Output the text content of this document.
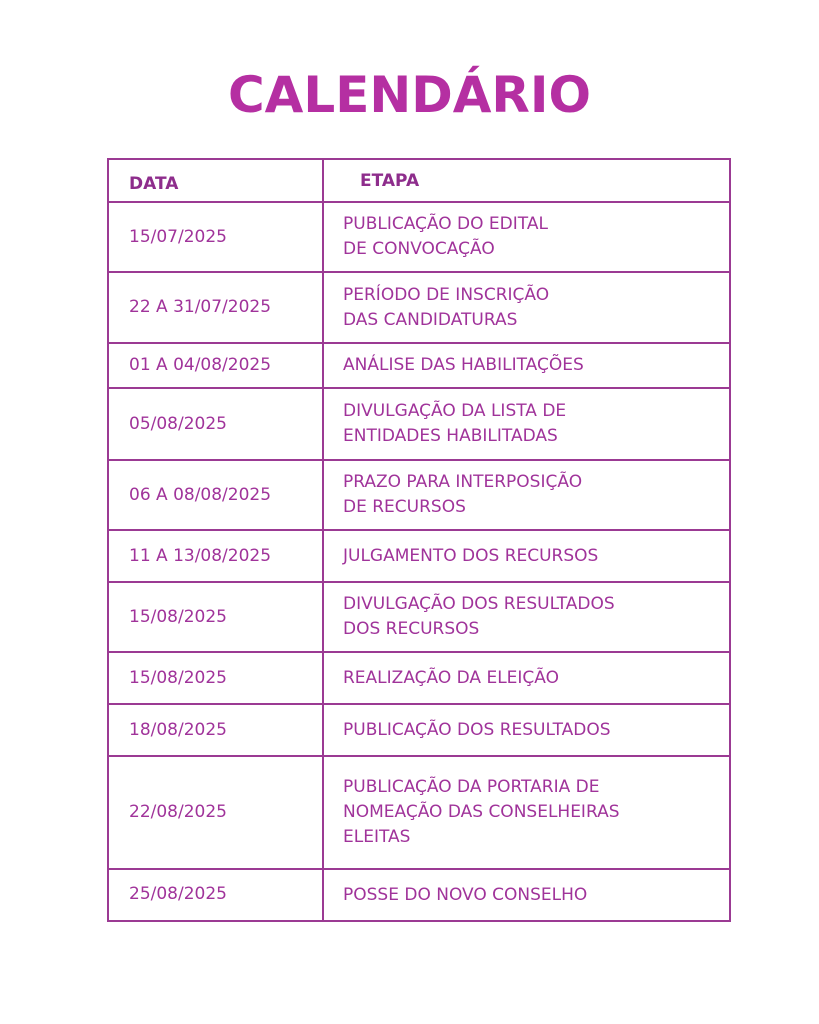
CALENDÁRIO
DATA	ETAPA
15/07/2025	PUBLICAÇÃO DO EDITAL
DE CONVOCAÇÃO
22 A 31/07/2025	PERÍODO DE INSCRIÇÃO
DAS CANDIDATURAS
01 A 04/08/2025	ANÁLISE DAS HABILITAÇÕES
05/08/2025	DIVULGAÇÃO DA LISTA DE
ENTIDADES HABILITADAS
06 A 08/08/2025	PRAZO PARA INTERPOSIÇÃO
DE RECURSOS
11 A 13/08/2025	JULGAMENTO DOS RECURSOS
15/08/2025	DIVULGAÇÃO DOS RESULTADOS
DOS RECURSOS
15/08/2025	REALIZAÇÃO DA ELEIÇÃO
18/08/2025	PUBLICAÇÃO DOS RESULTADOS
22/08/2025	PUBLICAÇÃO DA PORTARIA DE
NOMEAÇÃO DAS CONSELHEIRAS
ELEITAS
25/08/2025	POSSE DO NOVO CONSELHO
